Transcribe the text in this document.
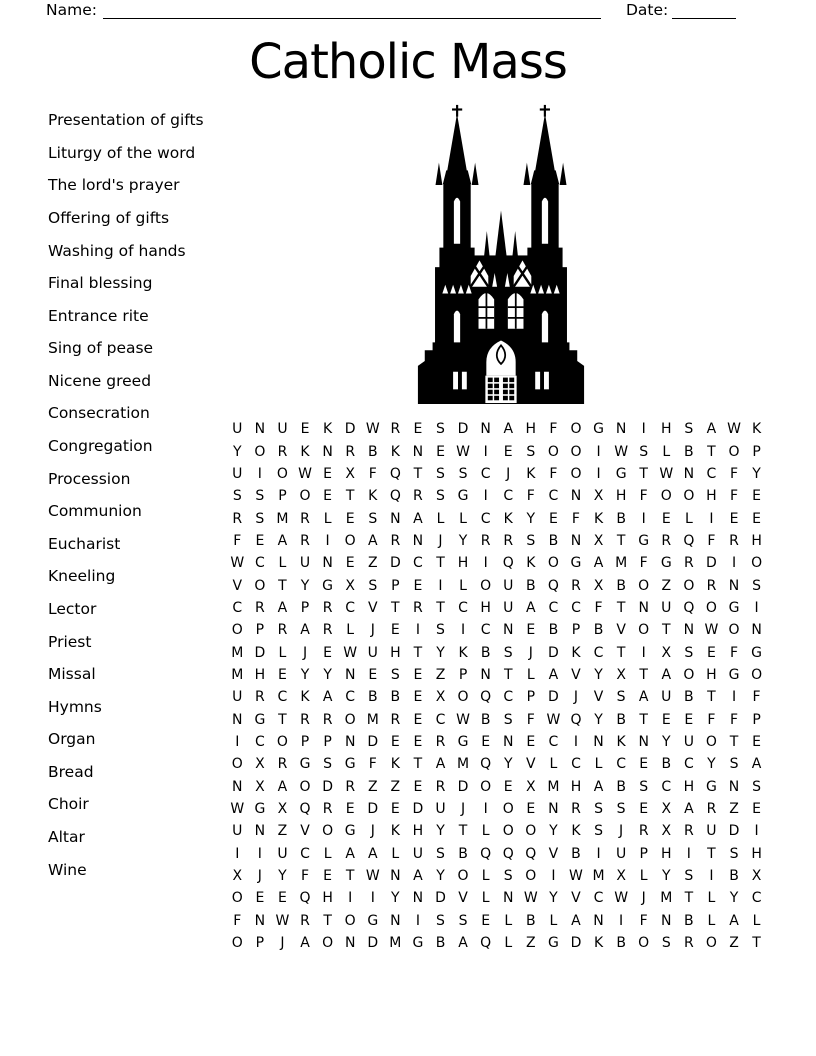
Name:	Date:
Catholic Mass
Presentation of gifts
Liturgy of the word
The lord's prayer
Offering of gifts
Washing of hands
Final blessing
Entrance rite
Sing of pease
Nicene greed
Consecration
Congregation
Procession
Communion
Eucharist
Kneeling
Lector
Priest
Missal
Hymns
Organ
Bread
Choir
Altar
Wine
U N U E K D W R E S D N A H F O G N	I	H S A W K
Y O R K N R B K N E W I	E S O O	I W S	L B T O P
U	I	O W E X F Q T S S C	J	K F O	I	G T W N C F	Y
S S P O E T K Q R S G	I	C F C N X H F O O H F	E
R S M R L	E S N A L	L C K Y E	F K B	I	E	L	I	E E
F	E A R	I	O A R N	J	Y R R S B N X T G R Q F R H
W C L U N E Z D C T H	I	Q K O G A M F G R D	I	O
V O T	Y G X S P E	I	L O U B Q R X B O Z O R N S
C R A P R C V T R T C H U A C C F	T N U Q O G	I
O P R A R L	J	E	I	S	I	C N E B P B V O T N W O N
M D L	J	E W U H T	Y K B S	J	D K C T	I	X S E	F G
M H E Y	Y N E S E Z P N T	L A V Y X T A O H G O
U R C K A C B B E X O Q C P D	J	V S A U B T	I	F
N G T R R O M R E C W B S	F W Q Y B T E E	F	F	P
I	C O P	P N D E E R G E N E C	I	N K N Y U O T E
O X R G S G F K T A M Q Y V L C L C E B C Y S A
N X A O D R Z Z E R D O E X M H A B S C H G N S
W G X Q R E D E D U	J	I	O E N R S S E X A R Z E
U N Z V O G	J	K H Y	T	L O O Y K S	J	R X R U D	I
I	I	U C L A A L U S B Q Q Q V B	I	U P H	I	T S H
X	J	Y	F	E T W N A Y O L	S O	I W M X L	Y S	I	B X
O E E Q H	I	I	Y N D V L N W Y V C W J	M T	L	Y C
F N W R T O G N	I	S S E	L B L A N	I	F N B L A L
O P	J	A O N D M G B A Q L Z G D K B O S R O Z T
